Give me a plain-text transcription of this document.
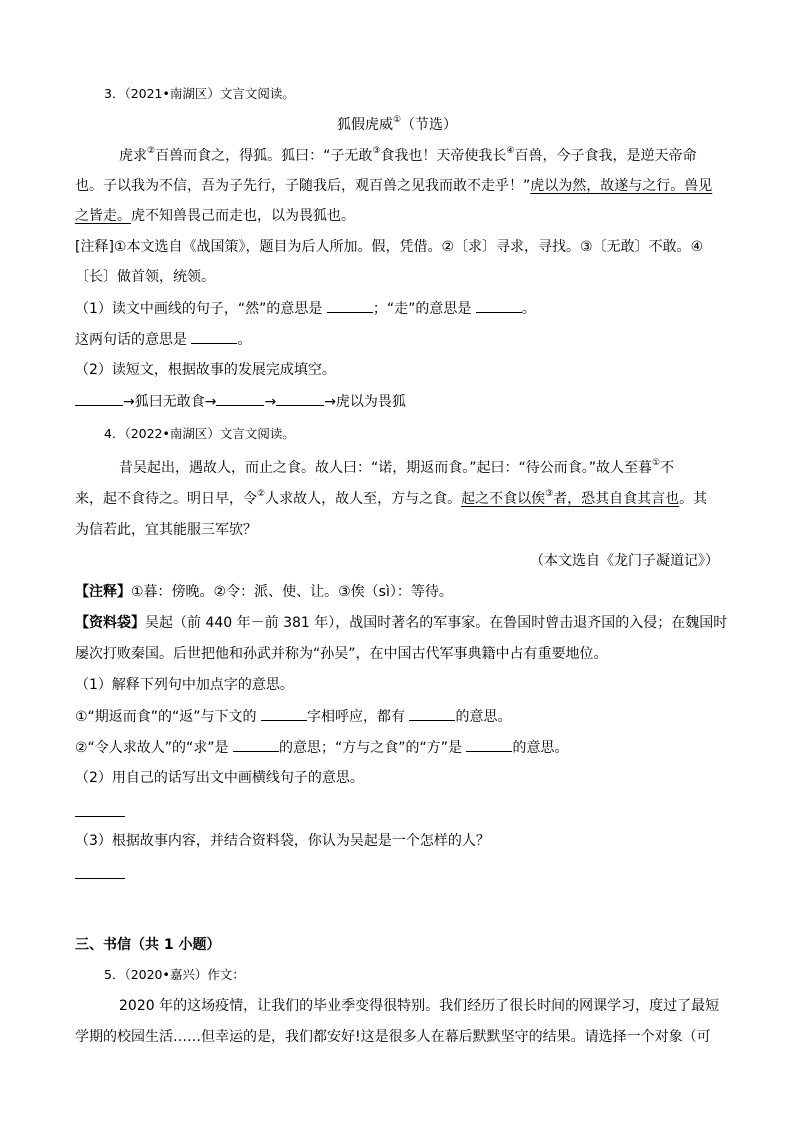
3．（2021•南湖区）文言文阅读。
狐假虎威①（节选）
虎求②百兽而食之，得狐。狐曰：“子无敢③食我也！天帝使我长④百兽，今子食我，是逆天帝命
也。子以我为不信，吾为子先行，子随我后，观百兽之见我而敢不走乎！”虎以为然，故遂与之行。兽见
之皆走。虎不知兽畏己而走也，以为畏狐也。
[注释]①本文选自《战国策》，题目为后人所加。假，凭借。②〔求〕寻求，寻找。③〔无敢〕不敢。④
〔长〕做首领，统领。
（1）读文中画线的句子，“然”的意思是	；“走”的意思是	。
这两句话的意思是	。
（2）读短文，根据故事的发展完成填空。
→狐曰无敢食→	→	→虎以为畏狐
4．（2022•南湖区）文言文阅读。
昔吴起出，遇故人，而止之食。故人曰：“诺，期返而食。”起曰：“待公而食。”故人至暮①不
来，起不食待之。明日早，令②人求故人，故人至，方与之食。起之不食以俟③者，恐其自食其言也。其
为信若此，宜其能服三军欤？
（本文选自《龙门子凝道记》）
【注释】①暮：傍晚。②令：派、使、让。③俟（sì）：等待。
【资料袋】吴起（前 440 年－前 381 年），战国时著名的军事家。在鲁国时曾击退齐国的入侵；在魏国时
屡次打败秦国。后世把他和孙武并称为“孙吴”，在中国古代军事典籍中占有重要地位。
（1）解释下列句中加点字的意思。
①“期返而食”的“返”与下文的	字相呼应，都有	的意思。
②“令人求故人”的“求”是	的意思；“方与之食”的“方”是	的意思。
（2）用自己的话写出文中画横线句子的意思。
（3）根据故事内容，并结合资料袋，你认为吴起是一个怎样的人？
三、书信（共 1 小题）
5．（2020•嘉兴）作文：
2020 年的这场疫情，让我们的毕业季变得很特别。我们经历了很长时间的网课学习，度过了最短
学期的校园生活……但幸运的是，我们都安好!这是很多人在幕后默默坚守的结果。请选择一个对象（可
